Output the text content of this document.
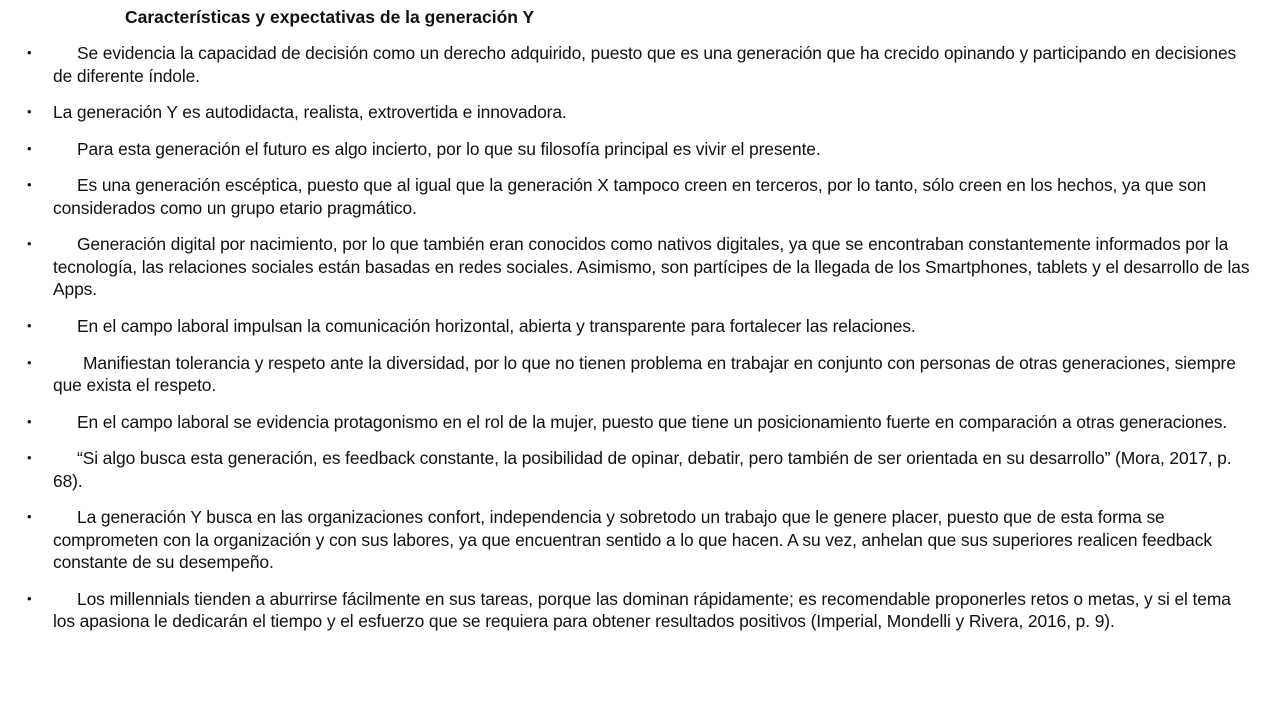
Características y expectativas de la generación Y
•	Se evidencia la capacidad de decisión como un derecho adquirido, puesto que es una generación que ha crecido opinando y participando en decisiones de diferente índole.
•	La generación Y es autodidacta, realista, extrovertida e innovadora.
•	Para esta generación el futuro es algo incierto, por lo que su filosofía principal es vivir el presente.
•	Es una generación escéptica, puesto que al igual que la generación X tampoco creen en terceros, por lo tanto, sólo creen en los hechos, ya que son considerados como un grupo etario pragmático.
•	Generación digital por nacimiento, por lo que también eran conocidos como nativos digitales, ya que se encontraban constantemente informados por la tecnología, las relaciones sociales están basadas en redes sociales. Asimismo, son partícipes de la llegada de los Smartphones, tablets y el desarrollo de las Apps.
•	En el campo laboral impulsan la comunicación horizontal, abierta y transparente para fortalecer las relaciones.
•	Manifiestan tolerancia y respeto ante la diversidad, por lo que no tienen problema en trabajar en conjunto con personas de otras generaciones, siempre que exista el respeto.
•	En el campo laboral se evidencia protagonismo en el rol de la mujer, puesto que tiene un posicionamiento fuerte en comparación a otras generaciones.
•	“Si algo busca esta generación, es feedback constante, la posibilidad de opinar, debatir, pero también de ser orientada en su desarrollo” (Mora, 2017, p. 68).
•	La generación Y busca en las organizaciones confort, independencia y sobretodo un trabajo que le genere placer, puesto que de esta forma se comprometen con la organización y con sus labores, ya que encuentran sentido a lo que hacen. A su vez, anhelan que sus superiores realicen feedback constante de su desempeño.
•	Los millennials tienden a aburrirse fácilmente en sus tareas, porque las dominan rápidamente; es recomendable proponerles retos o metas, y si el tema los apasiona le dedicarán el tiempo y el esfuerzo que se requiera para obtener resultados positivos (Imperial, Mondelli y Rivera, 2016, p. 9).
